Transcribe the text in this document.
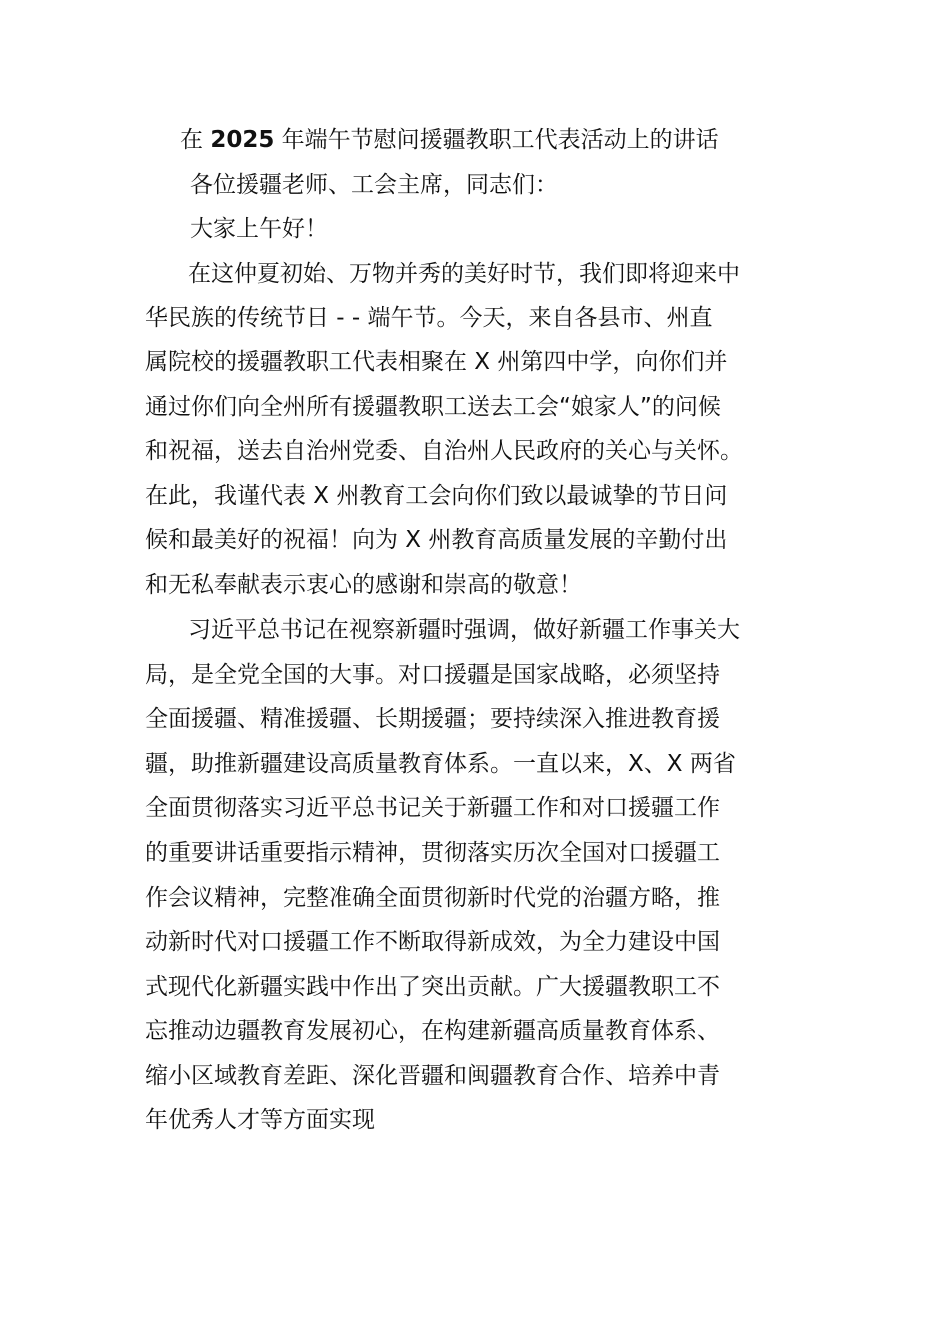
在 2025 年端午节慰问援疆教职工代表活动上的讲话

各位援疆老师、工会主席，同志们：

大家上午好！

在这仲夏初始、万物并秀的美好时节，我们即将迎来中

华民族的传统节日 - - 端午节。今天，来自各县市、州直

属院校的援疆教职工代表相聚在 X 州第四中学，向你们并

通过你们向全州所有援疆教职工送去工会“娘家人”的问候

和祝福，送去自治州党委、自治州人民政府的关心与关怀。

在此，我谨代表 X 州教育工会向你们致以最诚挚的节日问

候和最美好的祝福！向为 X 州教育高质量发展的辛勤付出

和无私奉献表示衷心的感谢和崇高的敬意！

习近平总书记在视察新疆时强调，做好新疆工作事关大

局，是全党全国的大事。对口援疆是国家战略，必须坚持

全面援疆、精准援疆、长期援疆；要持续深入推进教育援

疆，助推新疆建设高质量教育体系。一直以来，X、X 两省

全面贯彻落实习近平总书记关于新疆工作和对口援疆工作

的重要讲话重要指示精神，贯彻落实历次全国对口援疆工

作会议精神，完整准确全面贯彻新时代党的治疆方略，推

动新时代对口援疆工作不断取得新成效，为全力建设中国

式现代化新疆实践中作出了突出贡献。广大援疆教职工不

忘推动边疆教育发展初心，在构建新疆高质量教育体系、

缩小区域教育差距、深化晋疆和闽疆教育合作、培养中青

年优秀人才等方面实现
